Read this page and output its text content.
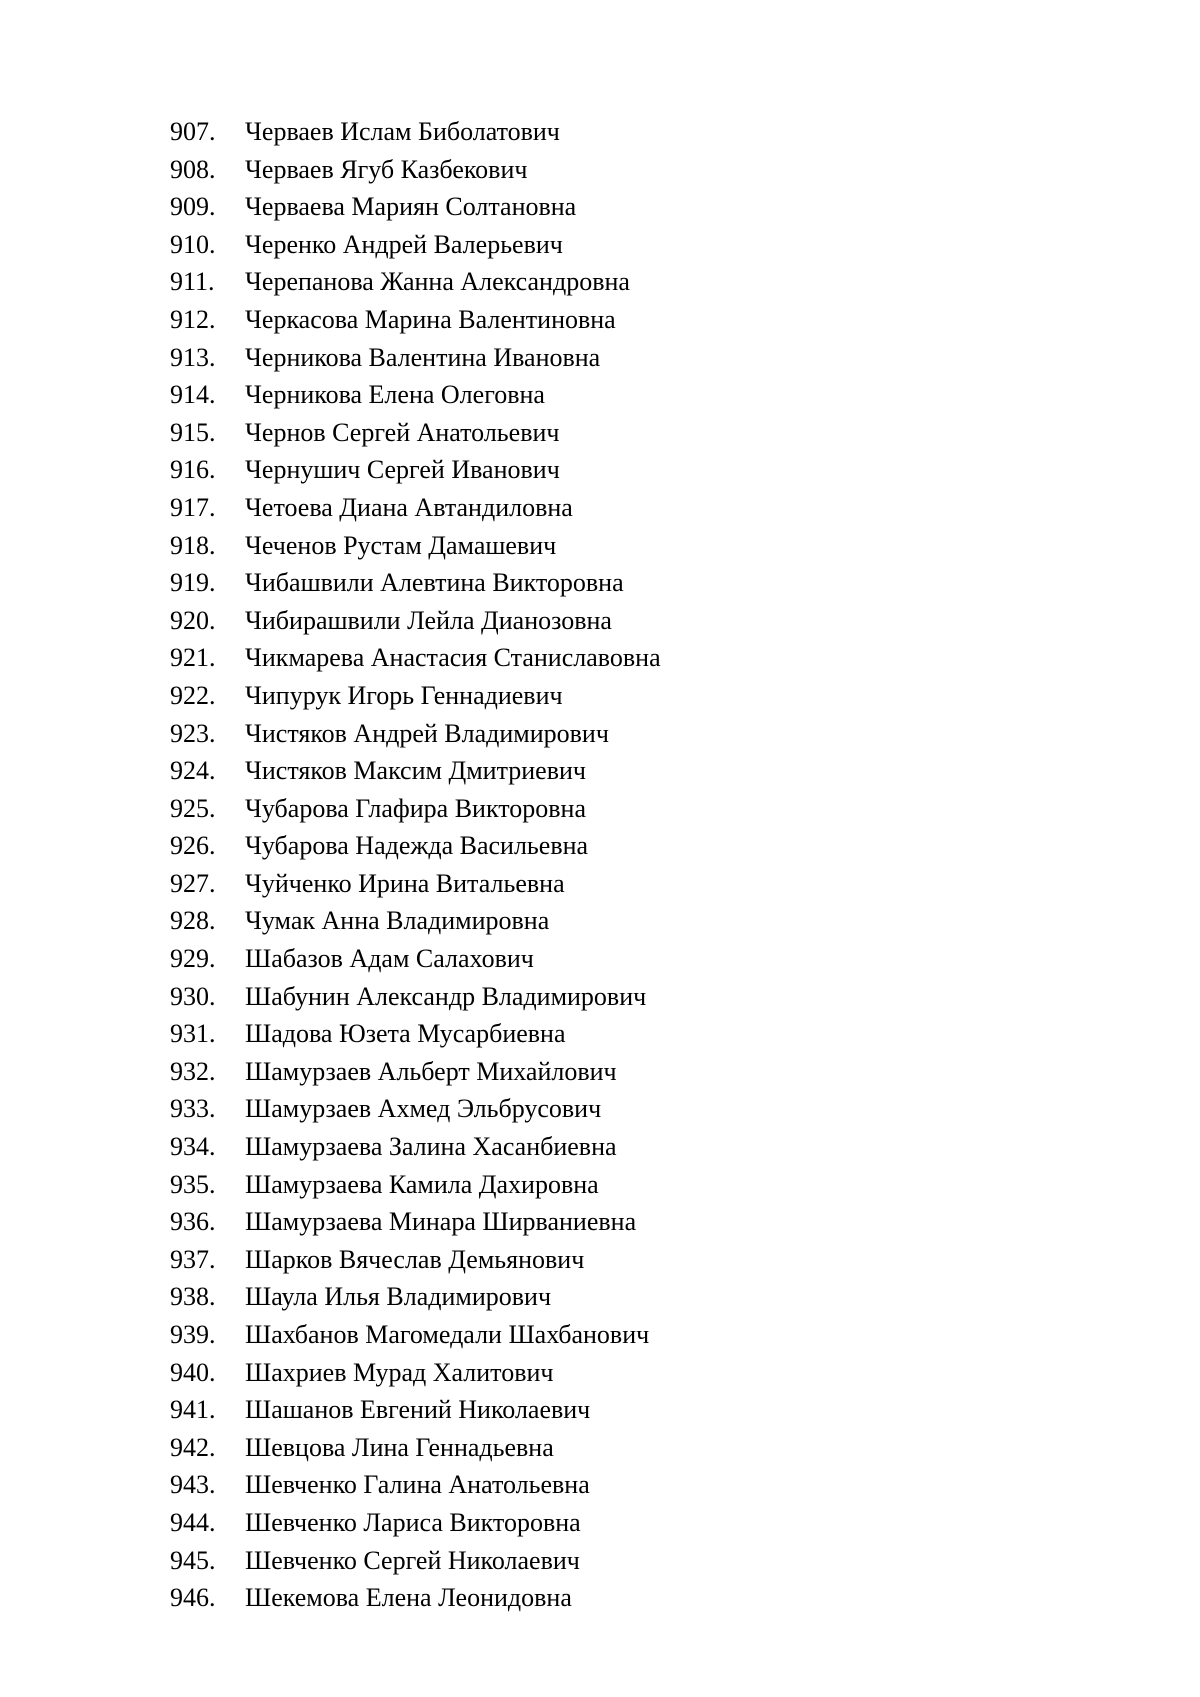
907.	Черваев Ислам Биболатович
908.	Черваев Ягуб Казбекович
909.	Черваева Мариян Солтановна
910.	Черенко Андрей Валерьевич
911.	Черепанова Жанна Александровна
912.	Черкасова Марина Валентиновна
913.	Черникова Валентина Ивановна
914.	Черникова Елена Олеговна
915.	Чернов Сергей Анатольевич
916.	Чернушич Сергей Иванович
917.	Четоева Диана Автандиловна
918.	Чеченов Рустам Дамашевич
919.	Чибашвили Алевтина Викторовна
920.	Чибирашвили Лейла Дианозовна
921.	Чикмарева Анастасия Станиславовна
922.	Чипурук Игорь Геннадиевич
923.	Чистяков Андрей Владимирович
924.	Чистяков Максим Дмитриевич
925.	Чубарова Глафира Викторовна
926.	Чубарова Надежда Васильевна
927.	Чуйченко Ирина Витальевна
928.	Чумак Анна Владимировна
929.	Шабазов Адам Салахович
930.	Шабунин Александр Владимирович
931.	Шадова Юзета Мусарбиевна
932.	Шамурзаев Альберт Михайлович
933.	Шамурзаев Ахмед Эльбрусович
934.	Шамурзаева Залина Хасанбиевна
935.	Шамурзаева Камила Дахировна
936.	Шамурзаева Минара Ширваниевна
937.	Шарков Вячеслав Демьянович
938.	Шаула Илья Владимирович
939.	Шахбанов Магомедали Шахбанович
940.	Шахриев Мурад Халитович
941.	Шашанов Евгений Николаевич
942.	Шевцова Лина Геннадьевна
943.	Шевченко Галина Анатольевна
944.	Шевченко Лариса Викторовна
945.	Шевченко Сергей Николаевич
946.	Шекемова Елена Леонидовна
